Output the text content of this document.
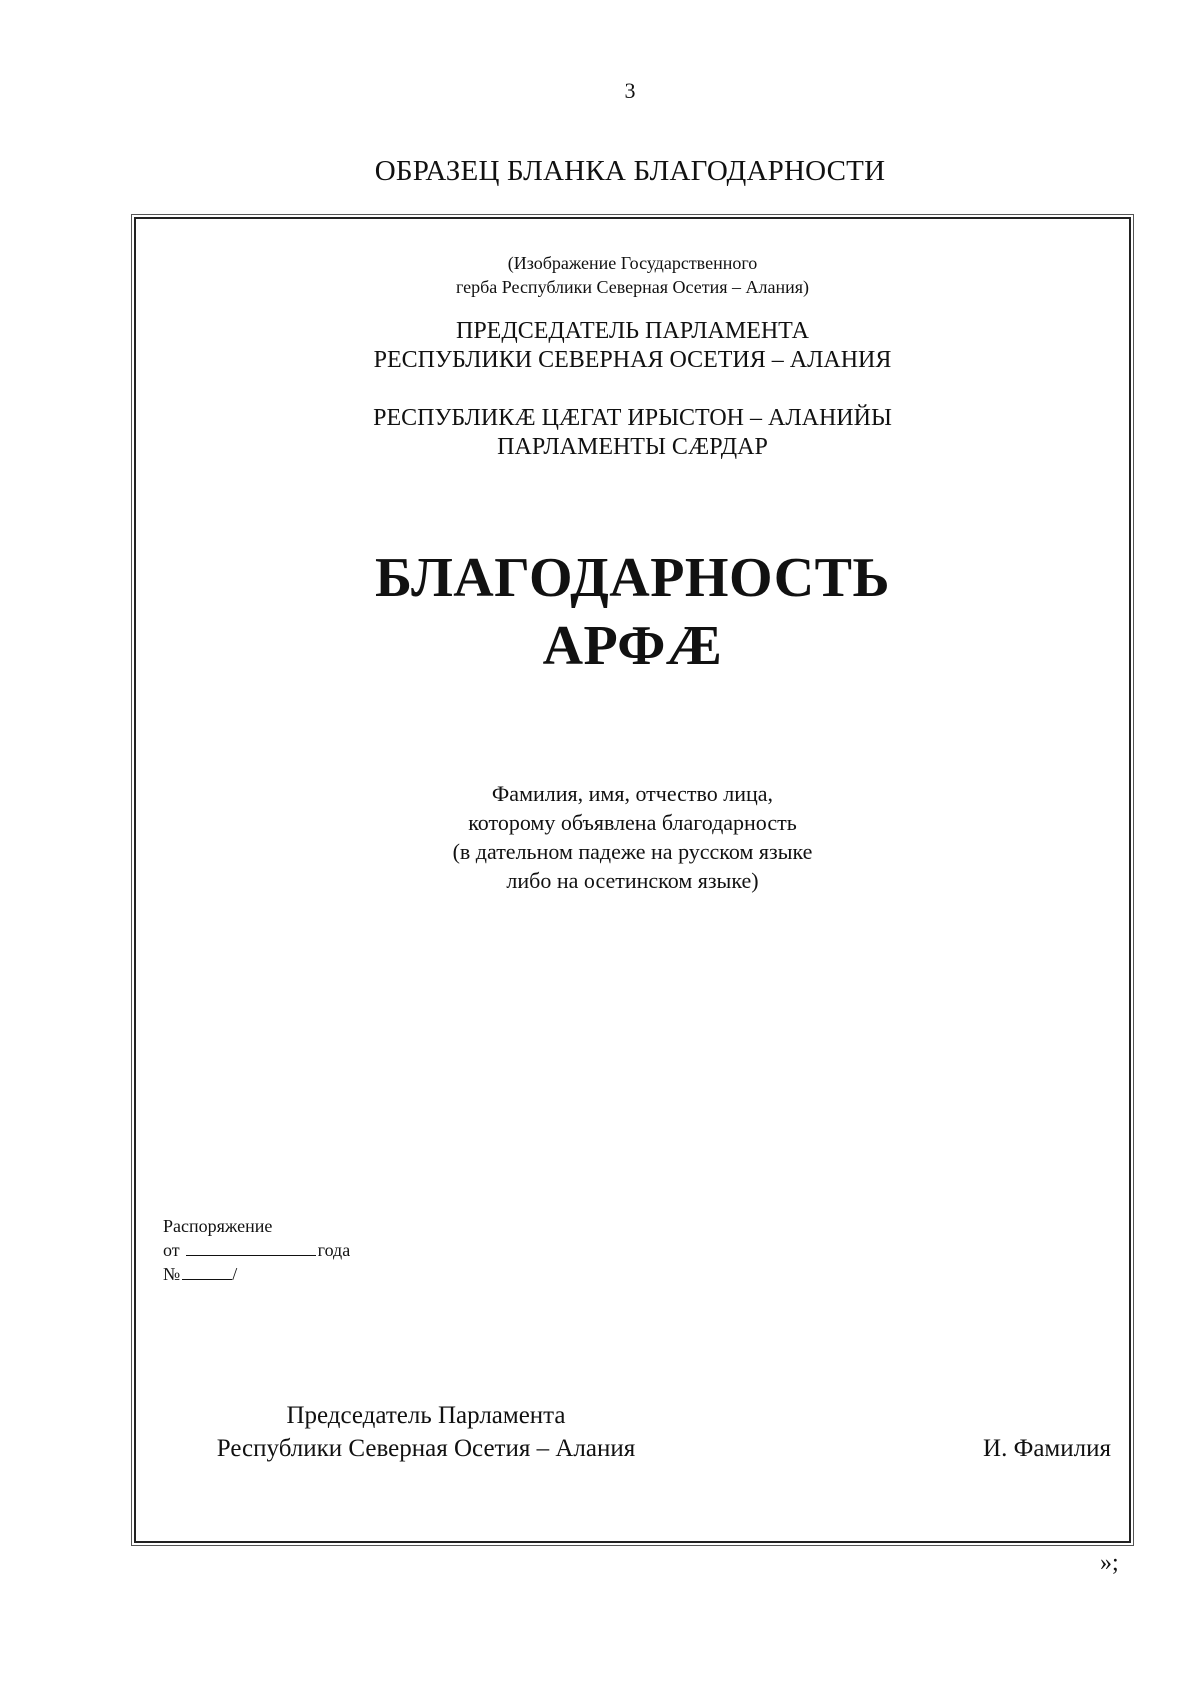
3
ОБРАЗЕЦ БЛАНКА БЛАГОДАРНОСТИ
(Изображение Государственного
герба Республики Северная Осетия – Алания)
ПРЕДСЕДАТЕЛЬ ПАРЛАМЕНТА
РЕСПУБЛИКИ СЕВЕРНАЯ ОСЕТИЯ – АЛАНИЯ
РЕСПУБЛИКÆ ЦÆГАТ ИРЫСТОН – АЛАНИЙЫ
ПАРЛАМЕНТЫ СÆРДАР
БЛАГОДАРНОСТЬ
АРФÆ
Фамилия, имя, отчество лица,
которому объявлена благодарность
(в дательном падеже на русском языке
либо на осетинском языке)
Распоряжение
от	года
№	/
Председатель Парламента
Республики Северная Осетия – Алания	И. Фамилия
»;
